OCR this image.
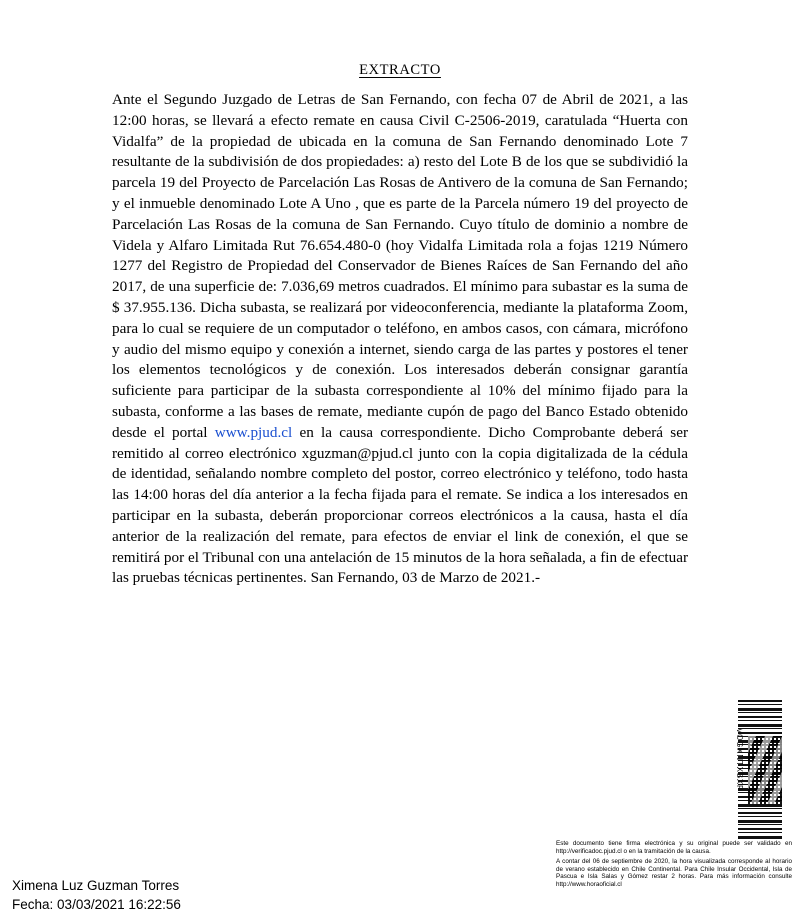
EXTRACTO
Ante el Segundo Juzgado de Letras de San Fernando, con fecha 07 de Abril de 2021, a las 12:00 horas, se llevará a efecto remate en causa Civil C-2506-2019, caratulada “Huerta con Vidalfa” de la propiedad de ubicada en la comuna de San Fernando denominado Lote 7 resultante de la subdivisión de dos propiedades: a) resto del Lote B de los que se subdividió la parcela 19 del Proyecto de Parcelación Las Rosas de Antivero de la comuna de San Fernando; y el inmueble denominado Lote A Uno , que es parte de la Parcela número 19 del proyecto de Parcelación Las Rosas de la comuna de San Fernando. Cuyo título de dominio a nombre de Videla y Alfaro Limitada Rut 76.654.480-0 (hoy Vidalfa Limitada rola a fojas 1219 Número 1277 del Registro de Propiedad del Conservador de Bienes Raíces de San Fernando del año 2017, de una superficie de: 7.036,69 metros cuadrados. El mínimo para subastar es la suma de $ 37.955.136. Dicha subasta, se realizará por videoconferencia, mediante la plataforma Zoom, para lo cual se requiere de un computador o teléfono, en ambos casos, con cámara, micrófono y audio del mismo equipo y conexión a internet, siendo carga de las partes y postores el tener los elementos tecnológicos y de conexión. Los interesados deberán consignar garantía suficiente para participar de la subasta correspondiente al 10% del mínimo fijado para la subasta, conforme a las bases de remate, mediante cupón de pago del Banco Estado obtenido desde el portal www.pjud.cl en la causa correspondiente. Dicho Comprobante deberá ser remitido al correo electrónico xguzman@pjud.cl junto con la copia digitalizada de la cédula de identidad, señalando nombre completo del postor, correo electrónico y teléfono, todo hasta las 14:00 horas del día anterior a la fecha fijada para el remate. Se indica a los interesados en participar en la subasta, deberán proporcionar correos electrónicos a la causa, hasta el día anterior de la realización del remate, para efectos de enviar el link de conexión, el que se remitirá por el Tribunal con una antelación de 15 minutos de la hora señalada, a fin de efectuar las pruebas técnicas pertinentes. San Fernando, 03 de Marzo de 2021.-
VOGXNTXSXF

Este documento tiene firma electrónica y su original puede ser validado en http://verificadoc.pjud.cl o en la tramitación de la causa.

A contar del 06 de septiembre de 2020, la hora visualizada corresponde al horario de verano establecido en Chile Continental. Para Chile Insular Occidental, Isla de Pascua e Isla Salas y Gómez restar 2 horas. Para más información consulte http://www.horaoficial.cl

Ximena Luz Guzman Torres
Fecha: 03/03/2021 16:22:56
